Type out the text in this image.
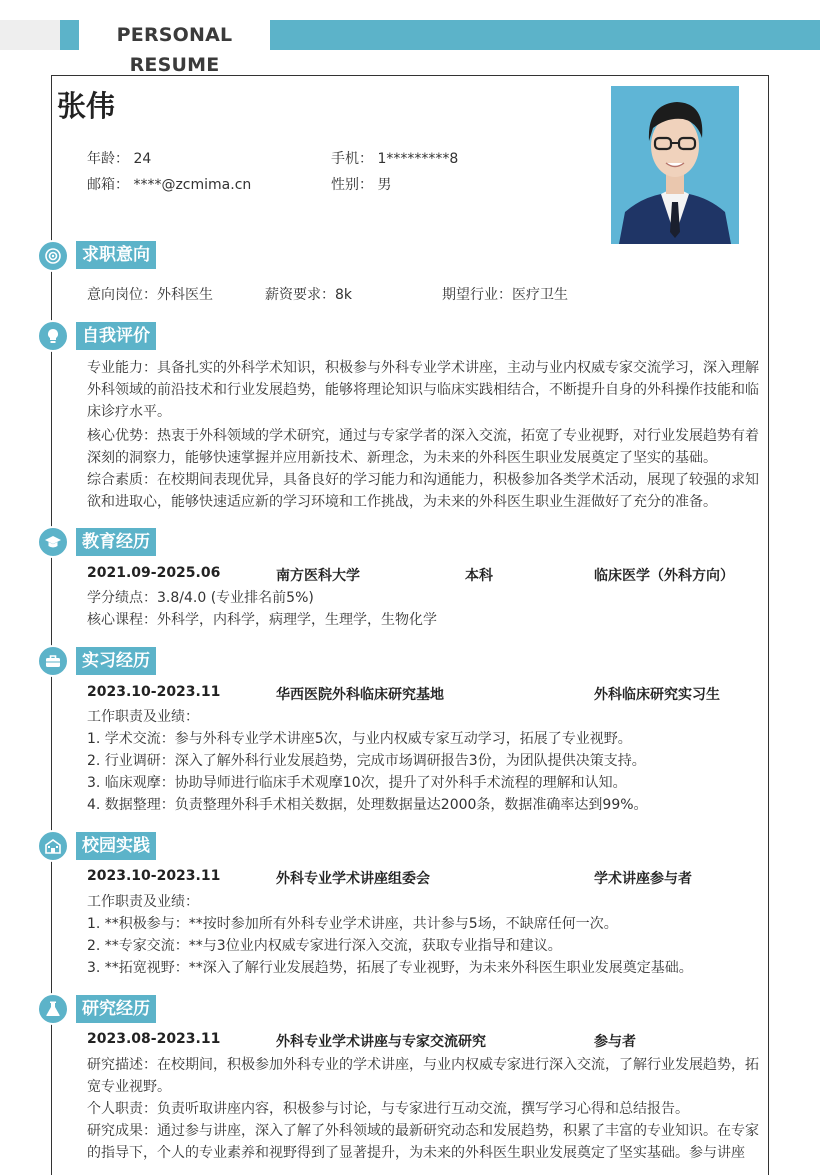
PERSONAL RESUME
张伟
年龄： 24	手机： 1*********8
邮箱： ****@zcmima.cn	性别： 男
求职意向
意向岗位：外科医生	薪资要求：8k	期望行业：医疗卫生
自我评价
专业能力：具备扎实的外科学术知识，积极参与外科专业学术讲座，主动与业内权威专家交流学习，深入理解外科领域的前沿技术和行业发展趋势，能够将理论知识与临床实践相结合，不断提升自身的外科操作技能和临床诊疗水平。
核心优势：热衷于外科领域的学术研究，通过与专家学者的深入交流，拓宽了专业视野，对行业发展趋势有着深刻的洞察力，能够快速掌握并应用新技术、新理念，为未来的外科医生职业发展奠定了坚实的基础。
综合素质：在校期间表现优异，具备良好的学习能力和沟通能力，积极参加各类学术活动，展现了较强的求知欲和进取心，能够快速适应新的学习环境和工作挑战，为未来的外科医生职业生涯做好了充分的准备。
教育经历
2021.09-2025.06	南方医科大学	本科	临床医学（外科方向）
学分绩点：3.8/4.0 (专业排名前5%)
核心课程：外科学，内科学，病理学，生理学，生物化学
实习经历
2023.10-2023.11	华西医院外科临床研究基地	外科临床研究实习生
工作职责及业绩：
1. 学术交流：参与外科专业学术讲座5次，与业内权威专家互动学习，拓展了专业视野。
2. 行业调研：深入了解外科行业发展趋势，完成市场调研报告3份，为团队提供决策支持。
3. 临床观摩：协助导师进行临床手术观摩10次，提升了对外科手术流程的理解和认知。
4. 数据整理：负责整理外科手术相关数据，处理数据量达2000条，数据准确率达到99%。
校园实践
2023.10-2023.11	外科专业学术讲座组委会	学术讲座参与者
工作职责及业绩：
1. **积极参与：**按时参加所有外科专业学术讲座，共计参与5场，不缺席任何一次。
2. **专家交流：**与3位业内权威专家进行深入交流，获取专业指导和建议。
3. **拓宽视野：**深入了解行业发展趋势，拓展了专业视野，为未来外科医生职业发展奠定基础。
研究经历
2023.08-2023.11	外科专业学术讲座与专家交流研究	参与者
研究描述：在校期间，积极参加外科专业的学术讲座，与业内权威专家进行深入交流，了解行业发展趋势，拓宽专业视野。
个人职责：负责听取讲座内容，积极参与讨论，与专家进行互动交流，撰写学习心得和总结报告。
研究成果：通过参与讲座，深入了解了外科领域的最新研究动态和发展趋势，积累了丰富的专业知识。在专家的指导下，个人的专业素养和视野得到了显著提升，为未来的外科医生职业发展奠定了坚实基础。参与讲座
